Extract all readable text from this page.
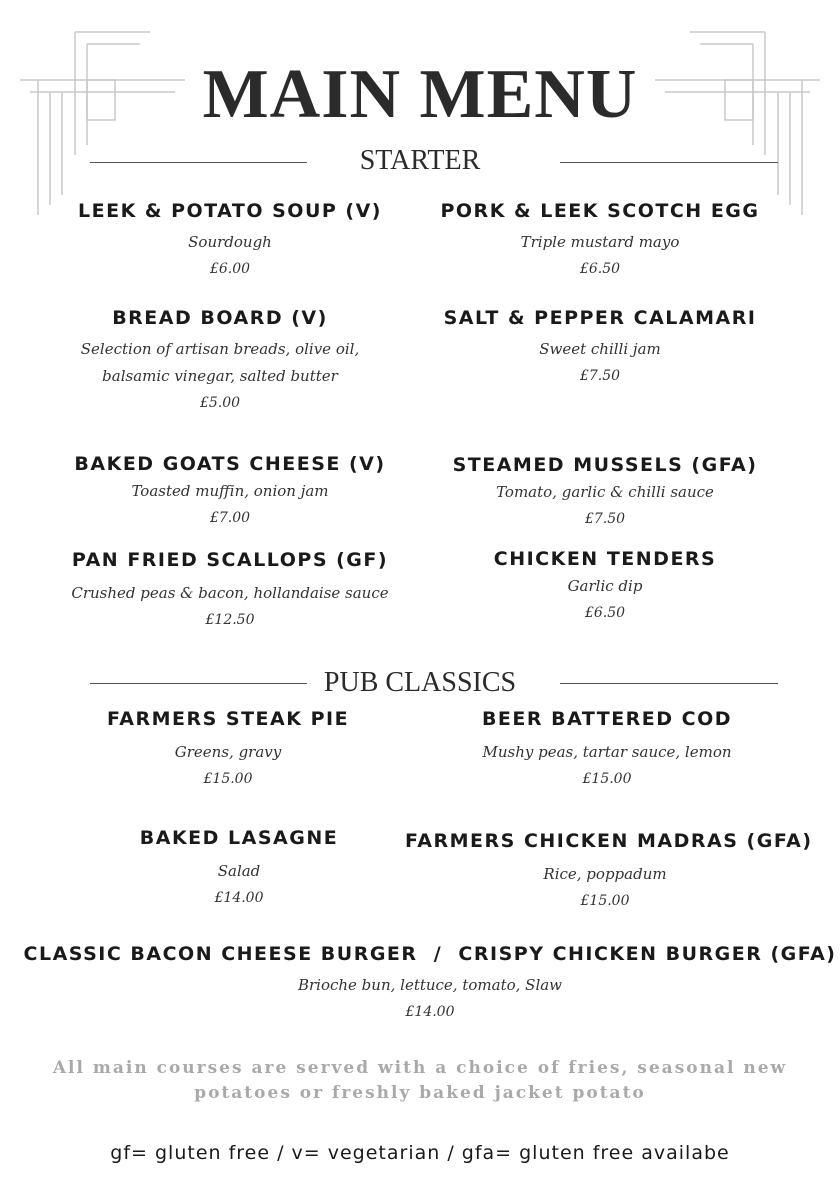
MAIN MENU
STARTER
LEEK & POTATO SOUP (V)
Sourdough
£6.00
PORK & LEEK SCOTCH EGG
Triple mustard mayo
£6.50
BREAD BOARD (V)
Selection of artisan breads, olive oil, balsamic vinegar, salted butter
£5.00
SALT & PEPPER CALAMARI
Sweet chilli jam
£7.50
BAKED GOATS CHEESE (V)
Toasted muffin, onion jam
£7.00
STEAMED MUSSELS (GFA)
Tomato, garlic & chilli sauce
£7.50
PAN FRIED SCALLOPS (GF)
Crushed peas & bacon, hollandaise sauce
£12.50
CHICKEN TENDERS
Garlic dip
£6.50
PUB CLASSICS
FARMERS STEAK PIE
Greens, gravy
£15.00
BEER BATTERED COD
Mushy peas, tartar sauce, lemon
£15.00
BAKED LASAGNE
Salad
£14.00
FARMERS CHICKEN MADRAS (GFA)
Rice, poppadum
£15.00
CLASSIC BACON CHEESE BURGER  /  CRISPY CHICKEN BURGER (GFA)
Brioche bun, lettuce, tomato, Slaw
£14.00
All main courses are served with a choice of fries, seasonal new potatoes or freshly baked jacket potato
gf= gluten free / v= vegetarian / gfa= gluten free availabe
